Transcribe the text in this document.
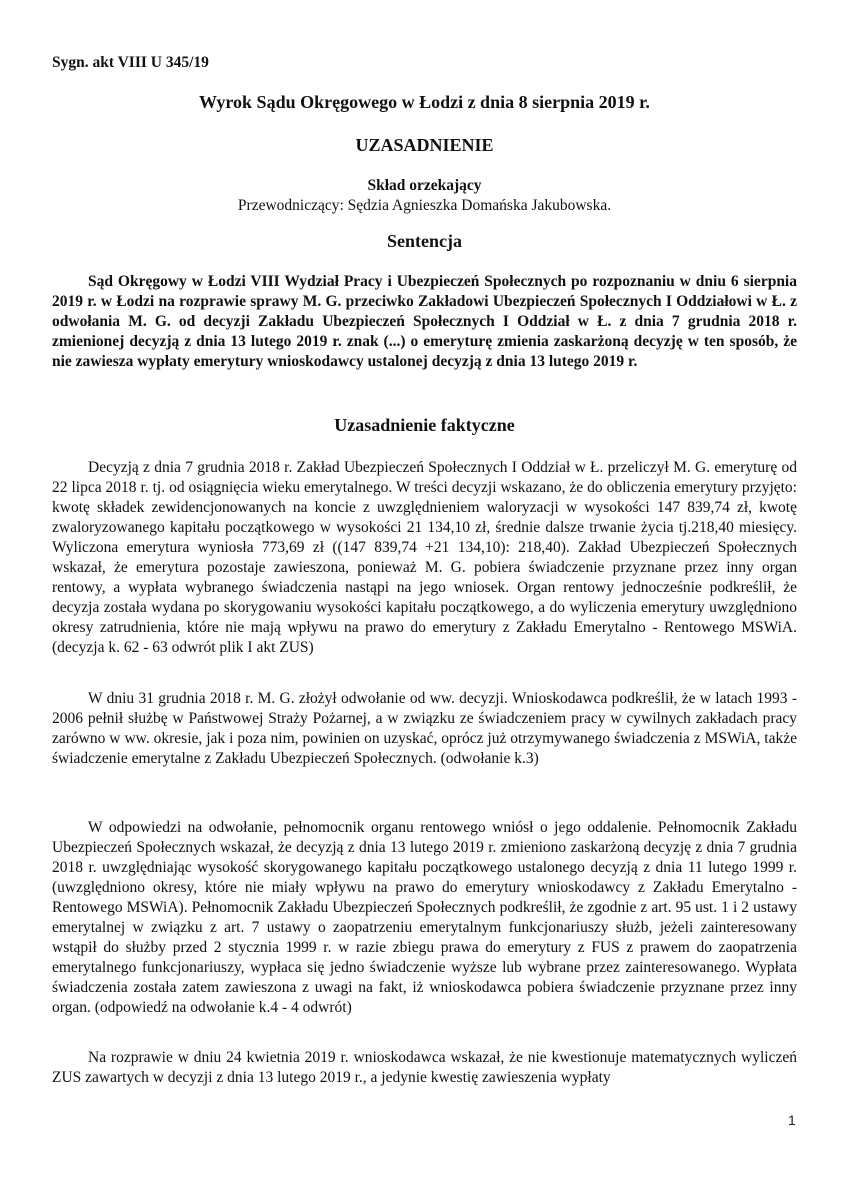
Sygn. akt VIII U 345/19
Wyrok Sądu Okręgowego w Łodzi z dnia 8 sierpnia 2019 r.
UZASADNIENIE
Skład orzekający
Przewodniczący: Sędzia Agnieszka Domańska Jakubowska.
Sentencja

Sąd Okręgowy w Łodzi VIII Wydział Pracy i Ubezpieczeń Społecznych po rozpoznaniu w dniu 6 sierpnia 2019 r. w Łodzi na rozprawie sprawy M. G. przeciwko Zakładowi Ubezpieczeń Społecznych I Oddziałowi w Ł. z odwołania M. G. od decyzji Zakładu Ubezpieczeń Społecznych I Oddział w Ł. z dnia 7 grudnia 2018 r. zmienionej decyzją z dnia 13 lutego 2019 r. znak (...) o emeryturę zmienia zaskarżoną decyzję w ten sposób, że nie zawiesza wypłaty emerytury wnioskodawcy ustalonej decyzją z dnia 13 lutego 2019 r.

Uzasadnienie faktyczne

Decyzją z dnia 7 grudnia 2018 r. Zakład Ubezpieczeń Społecznych I Oddział w Ł. przeliczył M. G. emeryturę od 22 lipca 2018 r. tj. od osiągnięcia wieku emerytalnego. W treści decyzji wskazano, że do obliczenia emerytury przyjęto: kwotę składek zewidencjonowanych na koncie z uwzględnieniem waloryzacji w wysokości 147 839,74 zł, kwotę zwaloryzowanego kapitału początkowego w wysokości 21 134,10 zł, średnie dalsze trwanie życia tj.218,40 miesięcy. Wyliczona emerytura wyniosła 773,69 zł ((147 839,74 +21 134,10): 218,40). Zakład Ubezpieczeń Społecznych wskazał, że emerytura pozostaje zawieszona, ponieważ M. G. pobiera świadczenie przyznane przez inny organ rentowy, a wypłata wybranego świadczenia nastąpi na jego wniosek. Organ rentowy jednocześnie podkreślił, że decyzja została wydana po skorygowaniu wysokości kapitału początkowego, a do wyliczenia emerytury uwzględniono okresy zatrudnienia, które nie mają wpływu na prawo do emerytury z Zakładu Emerytalno - Rentowego MSWiA. (decyzja k. 62 - 63 odwrót plik I akt ZUS)

W dniu 31 grudnia 2018 r. M. G. złożył odwołanie od ww. decyzji. Wnioskodawca podkreślił, że w latach 1993 - 2006 pełnił służbę w Państwowej Straży Pożarnej, a w związku ze świadczeniem pracy w cywilnych zakładach pracy zarówno w ww. okresie, jak i poza nim, powinien on uzyskać, oprócz już otrzymywanego świadczenia z MSWiA, także świadczenie emerytalne z Zakładu Ubezpieczeń Społecznych. (odwołanie k.3)

W odpowiedzi na odwołanie, pełnomocnik organu rentowego wniósł o jego oddalenie. Pełnomocnik Zakładu Ubezpieczeń Społecznych wskazał, że decyzją z dnia 13 lutego 2019 r. zmieniono zaskarżoną decyzję z dnia 7 grudnia 2018 r. uwzględniając wysokość skorygowanego kapitału początkowego ustalonego decyzją z dnia 11 lutego 1999 r. (uwzględniono okresy, które nie miały wpływu na prawo do emerytury wnioskodawcy z Zakładu Emerytalno - Rentowego MSWiA). Pełnomocnik Zakładu Ubezpieczeń Społecznych podkreślił, że zgodnie z art. 95 ust. 1 i 2 ustawy emerytalnej w związku z art. 7 ustawy o zaopatrzeniu emerytalnym funkcjonariuszy służb, jeżeli zainteresowany wstąpił do służby przed 2 stycznia 1999 r. w razie zbiegu prawa do emerytury z FUS z prawem do zaopatrzenia emerytalnego funkcjonariuszy, wypłaca się jedno świadczenie wyższe lub wybrane przez zainteresowanego. Wypłata świadczenia została zatem zawieszona z uwagi na fakt, iż wnioskodawca pobiera świadczenie przyznane przez inny organ. (odpowiedź na odwołanie k.4 - 4 odwrót)

Na rozprawie w dniu 24 kwietnia 2019 r. wnioskodawca wskazał, że nie kwestionuje matematycznych wyliczeń ZUS zawartych w decyzji z dnia 13 lutego 2019 r., a jedynie kwestię zawieszenia wypłaty

1
